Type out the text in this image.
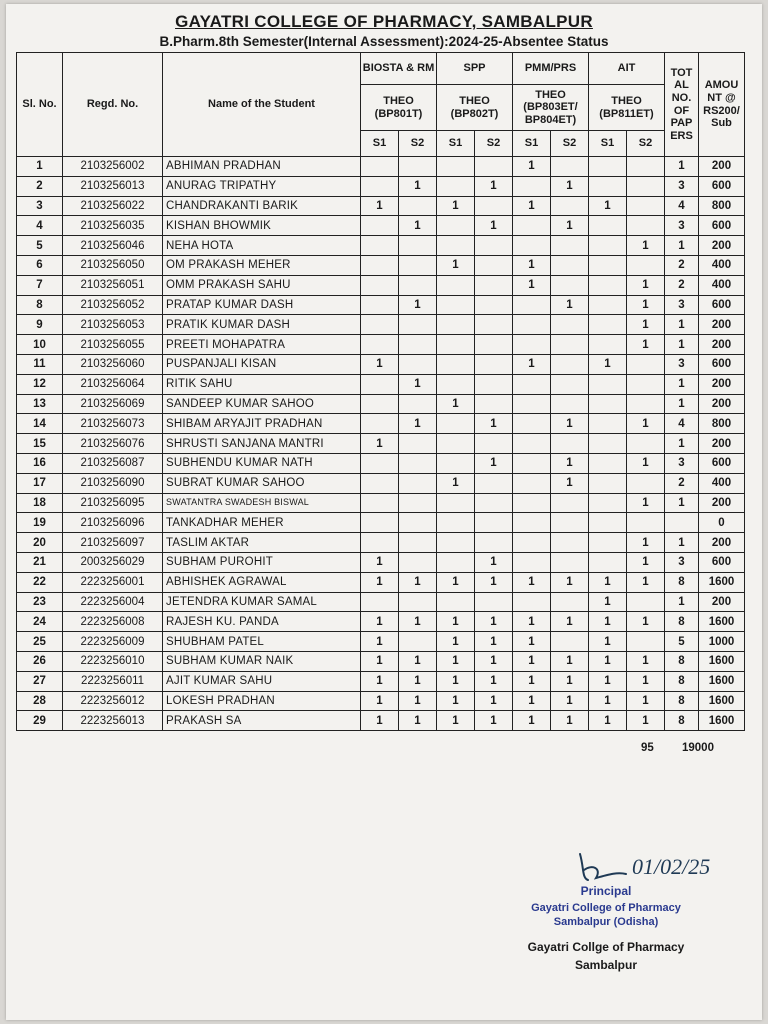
GAYATRI COLLEGE OF PHARMACY, SAMBALPUR
B.Pharm.8th Semester(Internal Assessment):2024-25-Absentee Status
Sl. No.	Regd. No.	Name of the Student	BIOSTA & RM		SPP		PMM/PRS		AIT		TOT AL NO. OF PAP ERS	AMOU NT @ RS200/ Sub
			THEO
(BP801T)		THEO
(BP802T)		THEO
(BP803ET/ BP804ET)		THEO
(BP811ET)			
			S1	S2	S1	S2	S1	S2	S1	S2		
1	2103256002	ABHIMAN PRADHAN					1				1	200
2	2103256013	ANURAG TRIPATHY		1		1		1			3	600
3	2103256022	CHANDRAKANTI BARIK	1		1		1		1		4	800
4	2103256035	KISHAN BHOWMIK		1		1		1			3	600
5	2103256046	NEHA HOTA								1	1	200
6	2103256050	OM PRAKASH MEHER			1		1				2	400
7	2103256051	OMM PRAKASH SAHU					1			1	2	400
8	2103256052	PRATAP KUMAR DASH		1				1		1	3	600
9	2103256053	PRATIK KUMAR DASH								1	1	200
10	2103256055	PREETI MOHAPATRA								1	1	200
11	2103256060	PUSPANJALI KISAN	1				1		1		3	600
12	2103256064	RITIK SAHU		1							1	200
13	2103256069	SANDEEP KUMAR SAHOO			1						1	200
14	2103256073	SHIBAM ARYAJIT PRADHAN		1		1		1		1	4	800
15	2103256076	SHRUSTI SANJANA MANTRI	1								1	200
16	2103256087	SUBHENDU KUMAR NATH				1		1		1	3	600
17	2103256090	SUBRAT KUMAR SAHOO			1			1			2	400
18	2103256095	SWATANTRA SWADESH BISWAL								1	1	200
19	2103256096	TANKADHAR MEHER										0
20	2103256097	TASLIM AKTAR								1	1	200
21	2003256029	SUBHAM PUROHIT	1			1				1	3	600
22	2223256001	ABHISHEK AGRAWAL	1	1	1	1	1	1	1	1	8	1600
23	2223256004	JETENDRA KUMAR SAMAL							1		1	200
24	2223256008	RAJESH KU. PANDA	1	1	1	1	1	1	1	1	8	1600
25	2223256009	SHUBHAM PATEL	1		1	1	1		1		5	1000
26	2223256010	SUBHAM KUMAR NAIK	1	1	1	1	1	1	1	1	8	1600
27	2223256011	AJIT KUMAR SAHU	1	1	1	1	1	1	1	1	8	1600
28	2223256012	LOKESH PRADHAN	1	1	1	1	1	1	1	1	8	1600
29	2223256013	PRAKASH SA	1	1	1	1	1	1	1	1	8	1600
95 19000
01/02/25
Principal
Gayatri College of Pharmacy
Sambalpur (Odisha)
Gayatri Collge of Pharmacy
Sambalpur
